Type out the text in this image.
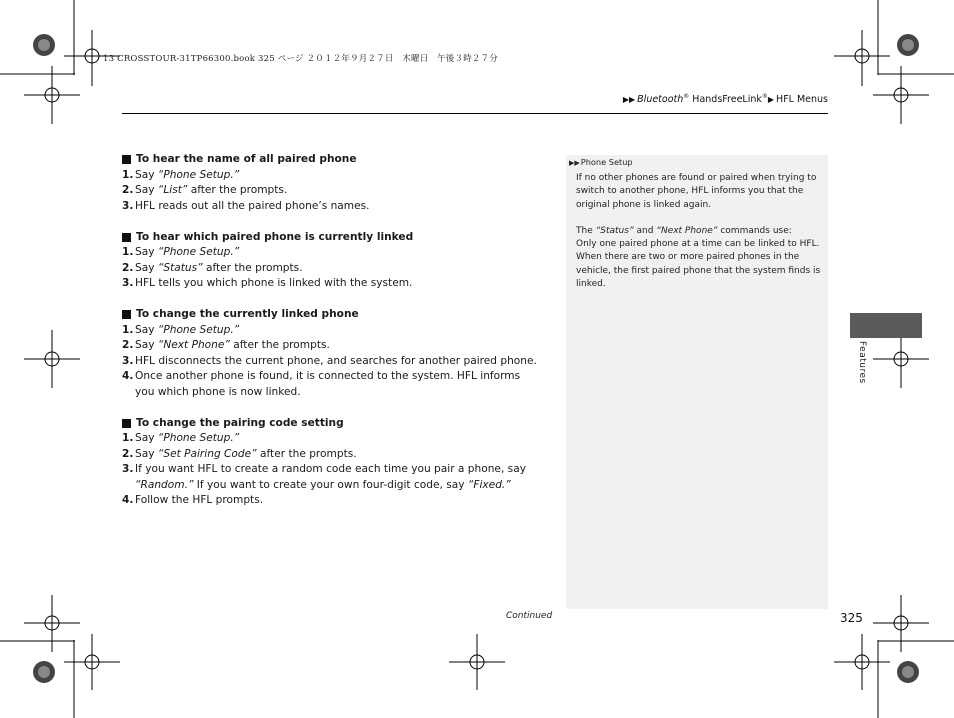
13 CROSSTOUR-31TP66300.book 325 ページ ２０１２年９月２７日　木曜日　午後３時２７分
▶▶ Bluetooth® HandsFreeLink®▶ HFL Menus
To hear the name of all paired phone
1. Say “Phone Setup.”
2. Say “List” after the prompts.
3. HFL reads out all the paired phone’s names.
To hear which paired phone is currently linked
1. Say “Phone Setup.”
2. Say “Status” after the prompts.
3. HFL tells you which phone is linked with the system.
To change the currently linked phone
1. Say “Phone Setup.”
2. Say “Next Phone” after the prompts.
3. HFL disconnects the current phone, and searches for another paired phone.
4. Once another phone is found, it is connected to the system. HFL informs you which phone is now linked.
To change the pairing code setting
1. Say “Phone Setup.”
2. Say “Set Pairing Code” after the prompts.
3. If you want HFL to create a random code each time you pair a phone, say “Random.” If you want to create your own four-digit code, say “Fixed.”
4. Follow the HFL prompts.
▶▶Phone Setup

If no other phones are found or paired when trying to switch to another phone, HFL informs you that the original phone is linked again.

The “Status” and “Next Phone” commands use:
Only one paired phone at a time can be linked to HFL.
When there are two or more paired phones in the vehicle, the first paired phone that the system finds is linked.

Features
Continued	325
